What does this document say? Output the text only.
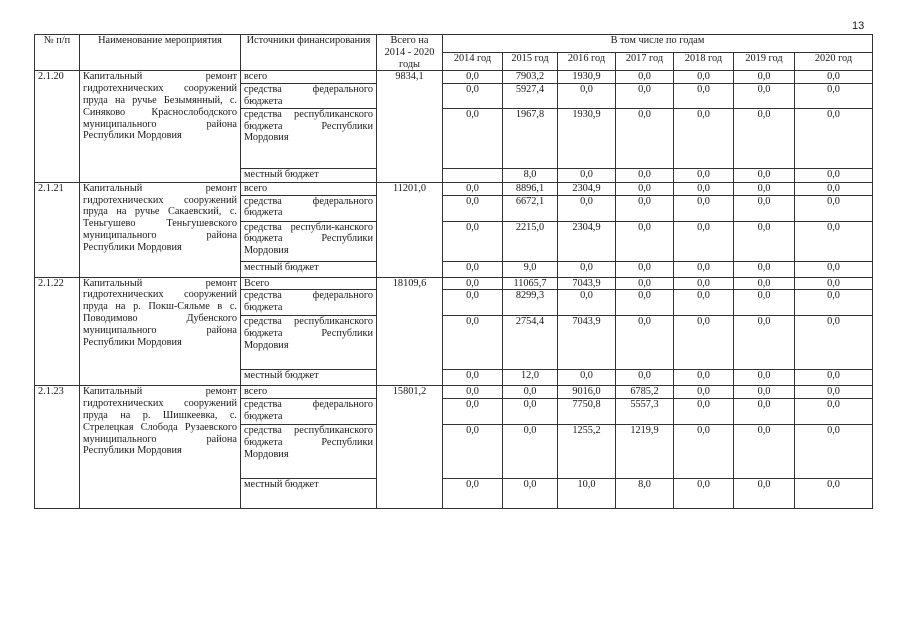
13
№ п/п	Наименование мероприятия	Источники финансирования	Всего на 2014 - 2020 годы	В том числе по годам						
				2014 год	2015 год	2016 год	2017 год	2018 год	2019 год	2020 год
2.1.20	Капитальный ремонт гидротехнических сооружений пруда на ручье Безымянный, с. Синяково Краснослободского муниципального района Республики Мордовия	всего	9834,1	0,0	7903,2	1930,9	0,0	0,0	0,0	0,0
		средства федерального бюджета		0,0	5927,4	0,0	0,0	0,0	0,0	0,0
		средства республиканского бюджета Республики Мордовия		0,0	1967,8	1930,9	0,0	0,0	0,0	0,0
		местный бюджет			8,0	0,0	0,0	0,0	0,0	0,0
2.1.21	Капитальный ремонт гидротехнических сооружений пруда на ручье Сакаевский, с. Теньгушево Теньгушевского муниципального района Республики Мордовия	всего	11201,0	0,0	8896,1	2304,9	0,0	0,0	0,0	0,0
		средства федерального бюджета		0,0	6672,1	0,0	0,0	0,0	0,0	0,0
		средства республи-канского бюджета Республики Мордовия		0,0	2215,0	2304,9	0,0	0,0	0,0	0,0
		местный бюджет		0,0	9,0	0,0	0,0	0,0	0,0	0,0
2.1.22	Капитальный ремонт гидротехнических сооружений пруда на р. Покш-Сяльме в с. Поводимово Дубенского муниципального района Республики Мордовия	Всего	18109,6	0,0	11065,7	7043,9	0,0	0,0	0,0	0,0
		средства федерального бюджета		0,0	8299,3	0,0	0,0	0,0	0,0	0,0
		средства республиканского бюджета Республики Мордовия		0,0	2754,4	7043,9	0,0	0,0	0,0	0,0
		местный бюджет		0,0	12,0	0,0	0,0	0,0	0,0	0,0
2.1.23	Капитальный ремонт гидротехнических сооружений пруда на р. Шишкеевка, с. Стрелецкая Слобода Рузаевского муниципального района Республики Мордовия	всего	15801,2	0,0	0,0	9016,0	6785,2	0,0	0,0	0,0
		средства федерального бюджета		0,0	0,0	7750,8	5557,3	0,0	0,0	0,0
		средства республиканского бюджета Республики Мордовия		0,0	0,0	1255,2	1219,9	0,0	0,0	0,0
		местный бюджет		0,0	0,0	10,0	8,0	0,0	0,0	0,0
